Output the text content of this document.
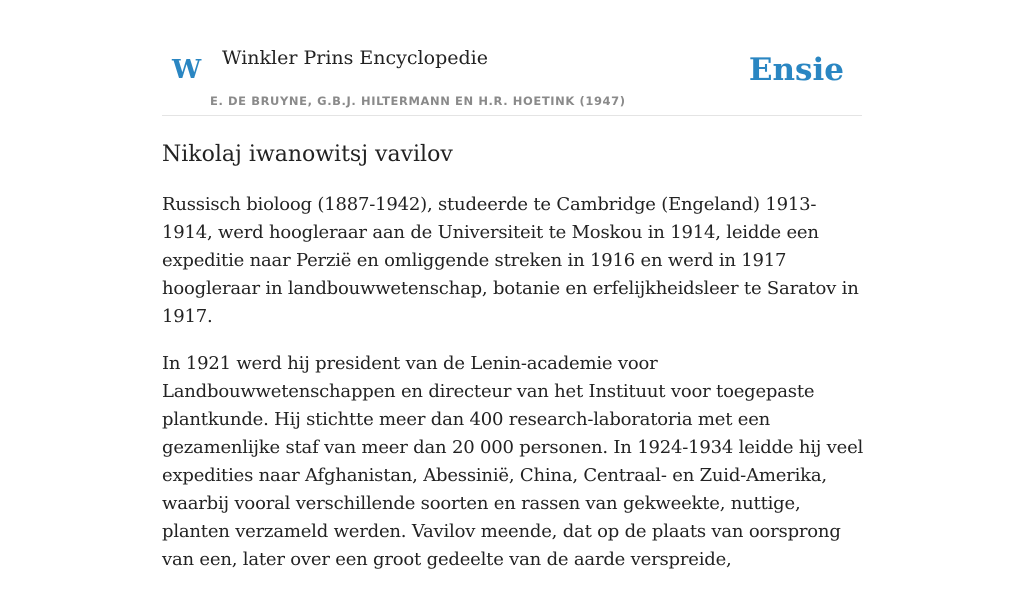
W Winkler Prins Encyclopedie
E. DE BRUYNE, G.B.J. HILTERMANN EN H.R. HOETINK (1947)
Ensie
Nikolaj iwanowitsj vavilov

Russisch bioloog (1887-1942), studeerde te Cambridge (Engeland) 1913-1914, werd hoogleraar aan de Universiteit te Moskou in 1914, leidde een expeditie naar Perzië en omliggende streken in 1916 en werd in 1917 hoogleraar in landbouwwetenschap, botanie en erfelijkheidsleer te Saratov in 1917.

In 1921 werd hij president van de Lenin-academie voor Landbouwwetenschappen en directeur van het Instituut voor toegepaste plantkunde. Hij stichtte meer dan 400 research-laboratoria met een gezamenlijke staf van meer dan 20 000 personen. In 1924-1934 leidde hij veel expedities naar Afghanistan, Abessinië, China, Centraal- en Zuid-Amerika, waarbij vooral verschillende soorten en rassen van gekweekte, nuttige, planten verzameld werden. Vavilov meende, dat op de plaats van oorsprong van een, later over een groot gedeelte van de aarde verspreide,
